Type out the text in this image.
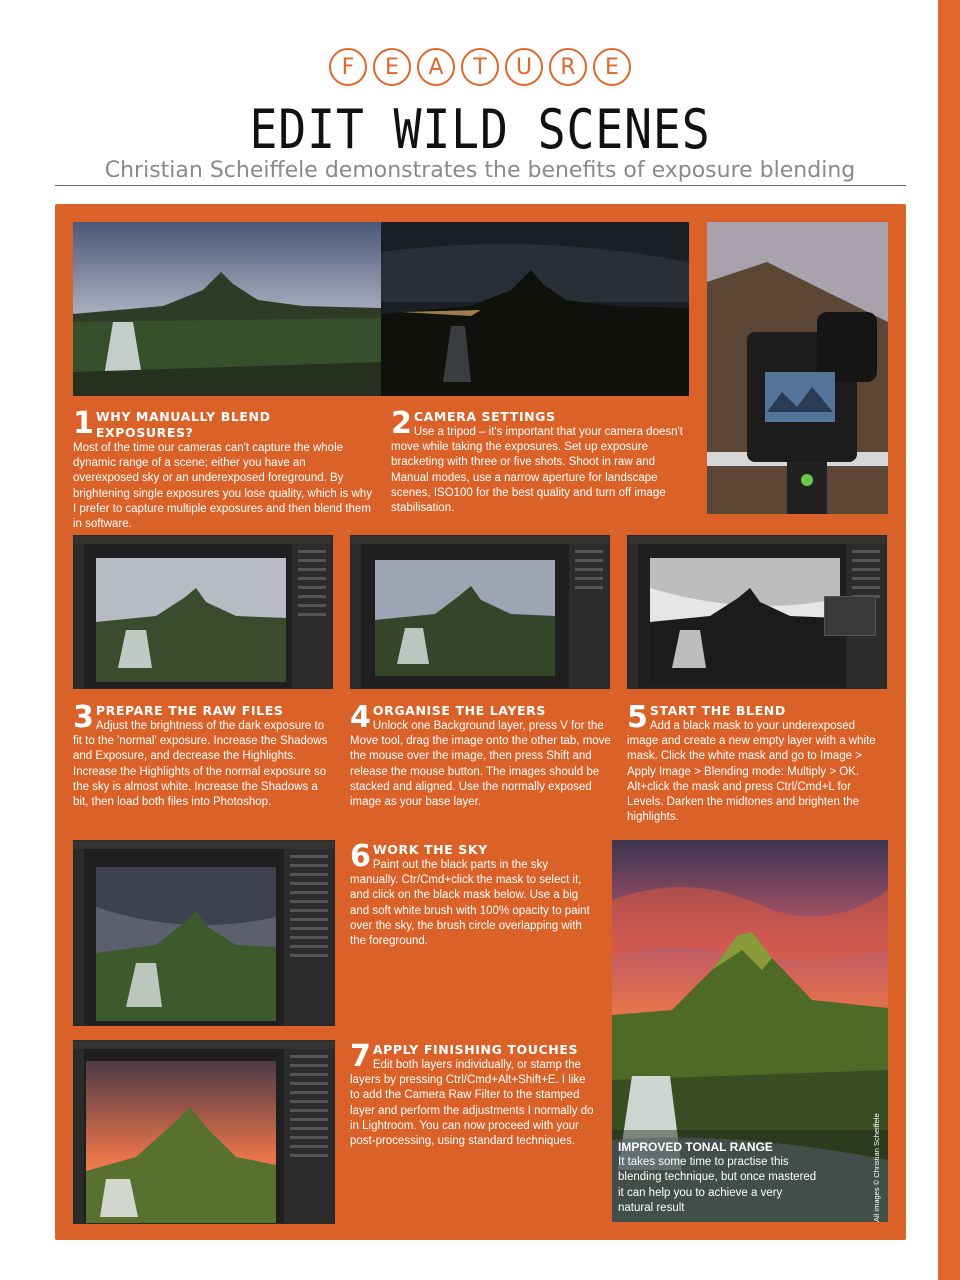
F	E	A	T	U	R	E
EDIT WILD SCENES
Christian Scheiffele demonstrates the benefits of exposure blending
1 WHY MANUALLY BLEND EXPOSURES?
Most of the time our cameras can't capture the whole dynamic range of a scene; either you have an overexposed sky or an underexposed foreground. By brightening single exposures you lose quality, which is why I prefer to capture multiple exposures and then blend them in software.
2 CAMERA SETTINGS
Use a tripod – it's important that your camera doesn't move while taking the exposures. Set up exposure bracketing with three or five shots. Shoot in raw and Manual modes, use a narrow aperture for landscape scenes, ISO100 for the best quality and turn off image stabilisation.
3 PREPARE THE RAW FILES
Adjust the brightness of the dark exposure to fit to the 'normal' exposure. Increase the Shadows and Exposure, and decrease the Highlights. Increase the Highlights of the normal exposure so the sky is almost white. Increase the Shadows a bit, then load both files into Photoshop.
4 ORGANISE THE LAYERS
Unlock one Background layer, press V for the Move tool, drag the image onto the other tab, move the mouse over the image, then press Shift and release the mouse button. The images should be stacked and aligned. Use the normally exposed image as your base layer.
5 START THE BLEND
Add a black mask to your underexposed image and create a new empty layer with a white mask. Click the white mask and go to Image > Apply Image > Blending mode: Multiply > OK. Alt+click the mask and press Ctrl/Cmd+L for Levels. Darken the midtones and brighten the highlights.
6 WORK THE SKY
Paint out the black parts in the sky manually. Ctr/Cmd+click the mask to select it, and click on the black mask below. Use a big and soft white brush with 100% opacity to paint over the sky, the brush circle overlapping with the foreground.
7 APPLY FINISHING TOUCHES
Edit both layers individually, or stamp the layers by pressing Ctrl/Cmd+Alt+Shift+E. I like to add the Camera Raw Filter to the stamped layer and perform the adjustments I normally do in Lightroom. You can now proceed with your post-processing, using standard techniques.	IMPROVED TONAL RANGE
It takes some time to practise this blending technique, but once mastered it can help you to achieve a very natural result	All images © Christian Scheiffele
